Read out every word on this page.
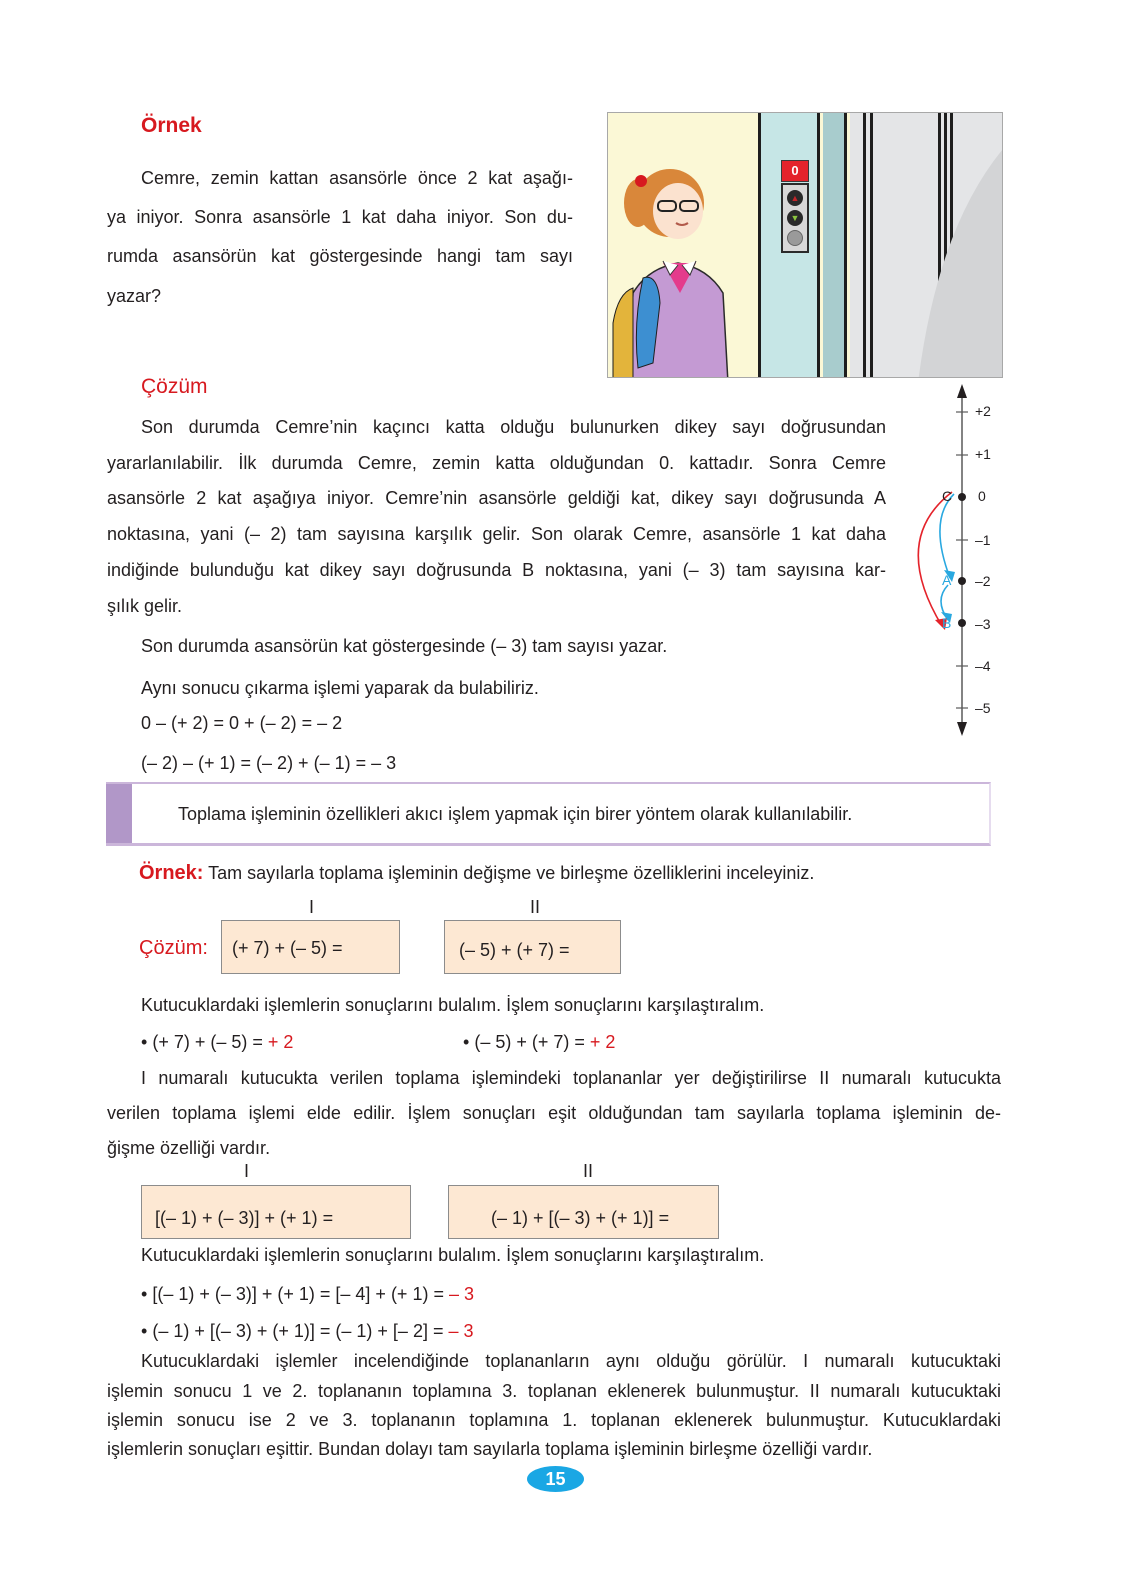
Örnek
Cemre, zemin kattan asansörle önce 2 kat aşağı-
ya iniyor. Sonra asansörle 1 kat daha iniyor. Son du-
rumda asansörün kat göstergesinde hangi tam sayı
yazar?
0
▲
▼
Çözüm
Son durumda Cemre’nin kaçıncı katta olduğu bulunurken dikey sayı doğrusundan
yararlanılabilir. İlk durumda Cemre, zemin katta olduğundan 0. kattadır. Sonra Cemre
asansörle 2 kat aşağıya iniyor. Cemre’nin asansörle geldiği kat, dikey sayı doğrusunda A
noktasına, yani (– 2) tam sayısına karşılık gelir. Son olarak Cemre, asansörle 1 kat daha
indiğinde bulunduğu kat dikey sayı doğrusunda B noktasına, yani (– 3) tam sayısına kar-
şılık gelir.
Son durumda asansörün kat göstergesinde (– 3) tam sayısı yazar.
Aynı sonucu çıkarma işlemi yaparak da bulabiliriz.
0 – (+ 2) = 0 + (– 2) = – 2
(– 2) – (+ 1) = (– 2) + (– 1) = – 3
+2
+1
0
–1
–2
–3
–4
–5
C
A
B
Toplama işleminin özellikleri akıcı işlem yapmak için birer yöntem olarak kullanılabilir.
Örnek: Tam sayılarla toplama işleminin değişme ve birleşme özelliklerini inceleyiniz.
I	II
Çözüm:	(+ 7) + (– 5) =	(– 5) + (+ 7) =
Kutucuklardaki işlemlerin sonuçlarını bulalım. İşlem sonuçlarını karşılaştıralım.
• (+ 7) + (– 5) = + 2	• (– 5) + (+ 7) = + 2
I numaralı kutucukta verilen toplama işlemindeki toplananlar yer değiştirilirse II numaralı kutucukta
verilen toplama işlemi elde edilir. İşlem sonuçları eşit olduğundan tam sayılarla toplama işleminin de-
ğişme özelliği vardır.
I	II
[(– 1) + (– 3)] + (+ 1) =	(– 1) + [(– 3) + (+ 1)] =
Kutucuklardaki işlemlerin sonuçlarını bulalım. İşlem sonuçlarını karşılaştıralım.
• [(– 1) + (– 3)] + (+ 1) = [– 4] + (+ 1) = – 3
• (– 1) + [(– 3) + (+ 1)] = (– 1) + [– 2] = – 3
Kutucuklardaki işlemler incelendiğinde toplananların aynı olduğu görülür. I numaralı kutucuktaki
işlemin sonucu 1 ve 2. toplananın toplamına 3. toplanan eklenerek bulunmuştur. II numaralı kutucuktaki
işlemin sonucu ise 2 ve 3. toplananın toplamına 1. toplanan eklenerek bulunmuştur. Kutucuklardaki
işlemlerin sonuçları eşittir. Bundan dolayı tam sayılarla toplama işleminin birleşme özelliği vardır.
15
